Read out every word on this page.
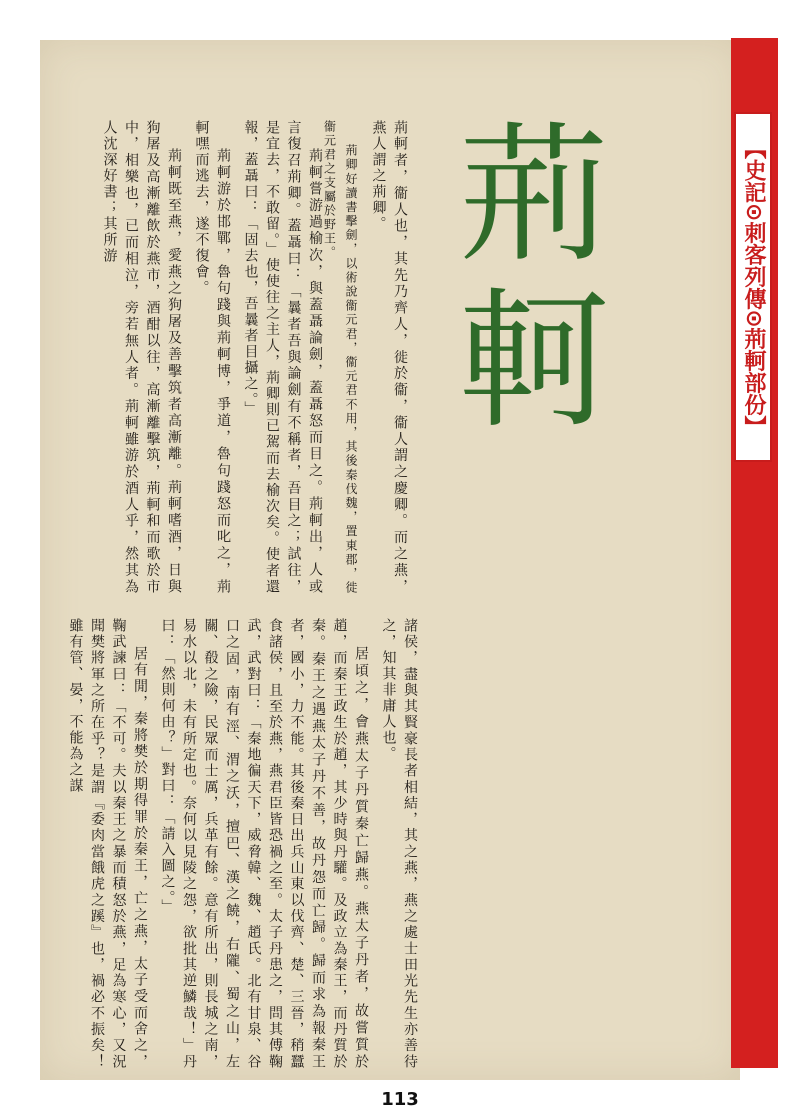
【史記⊙刺客列傳⊙荊軻部份】
荊軻

荊軻者，衞人也，其先乃齊人，徙於衞，衞人謂之慶卿。而之燕，燕人謂之荊卿。

荊卿好讀書擊劍，以術說衞元君，衞元君不用，其後秦伐魏，置東郡，徙衞元君之支屬於野王。

荊軻嘗游過榆次，與蓋聶論劍，蓋聶怒而目之。荊軻出，人或言復召荊卿。蓋聶曰：「曩者吾與論劍有不稱者，吾目之；試往，是宜去，不敢留。」使使往之主人，荊卿則已駕而去榆次矣。使者還報，蓋聶曰：「固去也，吾曩者目攝之。」

荊軻游於邯鄲，魯句踐與荊軻博，爭道，魯句踐怒而叱之，荊軻嘿而逃去，遂不復會。

荊軻既至燕，愛燕之狗屠及善擊筑者高漸離。荊軻嗜酒，日與狗屠及高漸離飲於燕市，酒酣以往，高漸離擊筑，荊軻和而歌於市中，相樂也，已而相泣，旁若無人者。荊軻雖游於酒人乎，然其為人沈深好書；其所游

諸侯，盡與其賢豪長者相結，其之燕，燕之處士田光先生亦善待之，知其非庸人也。

居頃之，會燕太子丹質秦亡歸燕。燕太子丹者，故嘗質於趙，而秦王政生於趙，其少時與丹驩。及政立為秦王，而丹質於秦。秦王之遇燕太子丹不善，故丹怨而亡歸。歸而求為報秦王者，國小，力不能。其後秦日出兵山東以伐齊、楚、三晉，稍蠶食諸侯，且至於燕，燕君臣皆恐禍之至。太子丹患之，問其傅鞠武，武對曰：「秦地徧天下，威脅韓、魏、趙氏。北有甘泉、谷口之固，南有涇、渭之沃，擅巴、漢之饒，右隴、蜀之山，左關、殽之險，民眾而士厲，兵革有餘。意有所出，則長城之南，易水以北，未有所定也。奈何以見陵之怨，欲批其逆鱗哉！」丹曰：「然則何由？」對曰：「請入圖之。」

居有閒，秦將樊於期得罪於秦王，亡之燕，太子受而舍之，鞠武諫曰：「不可。夫以秦王之暴而積怒於燕，足為寒心，又況聞樊將軍之所在乎？是謂『委肉當餓虎之蹊』也，禍必不振矣！雖有管、晏，不能為之謀

113
